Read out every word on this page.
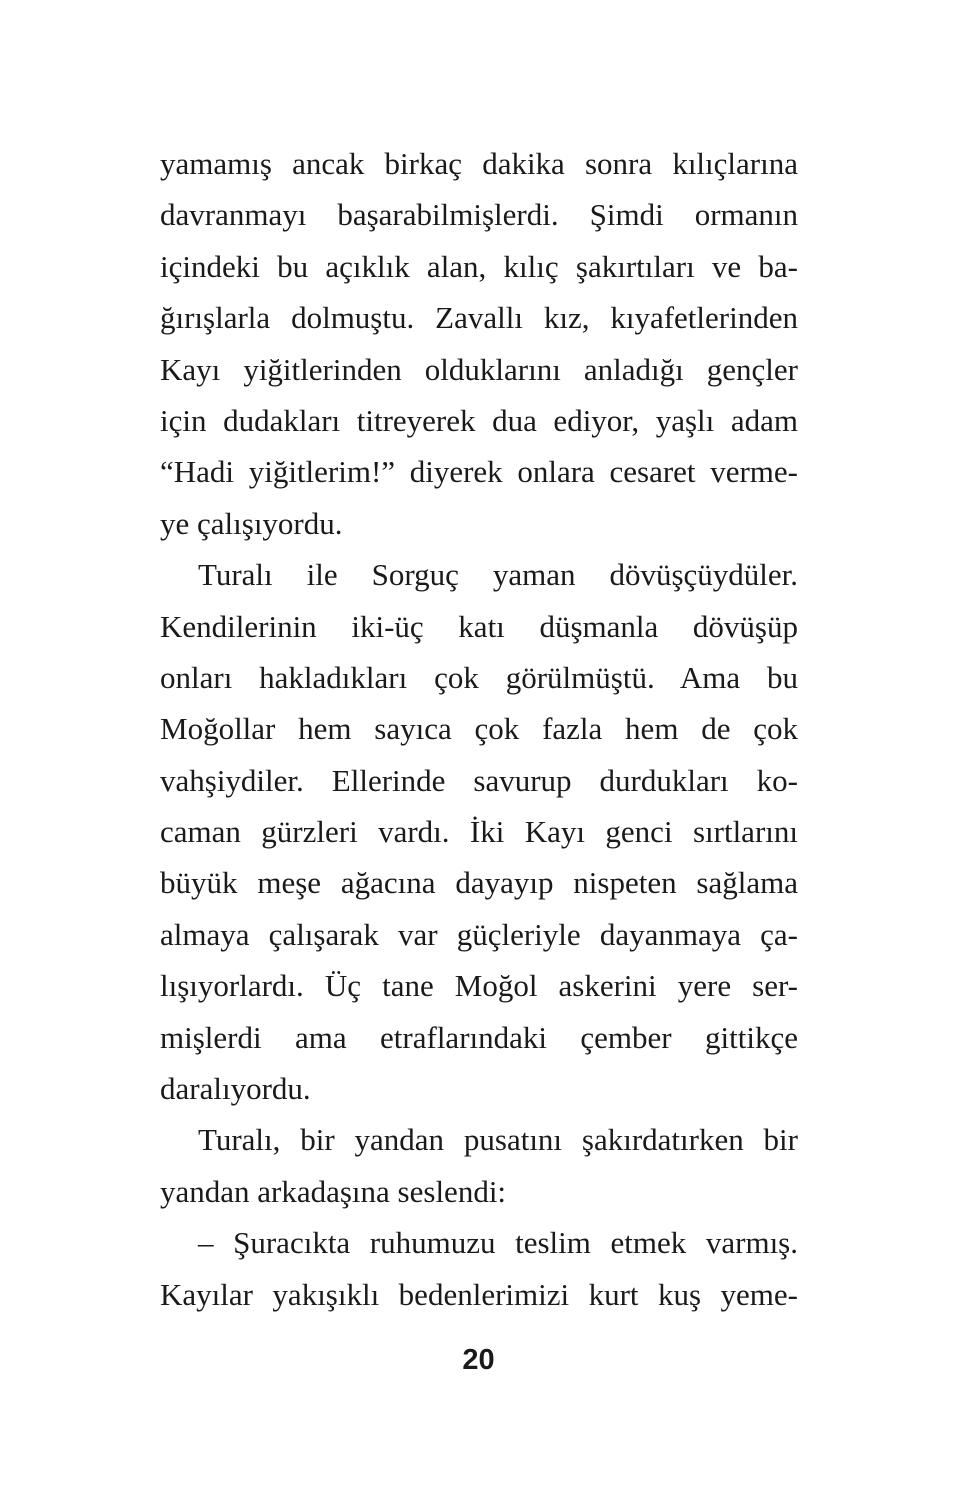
yamamış ancak birkaç dakika sonra kılıçlarına
davranmayı başarabilmişlerdi. Şimdi ormanın
içindeki bu açıklık alan, kılıç şakırtıları ve ba-
ğırışlarla dolmuştu. Zavallı kız, kıyafetlerinden
Kayı yiğitlerinden olduklarını anladığı gençler
için dudakları titreyerek dua ediyor, yaşlı adam
“Hadi yiğitlerim!” diyerek onlara cesaret verme-
ye çalışıyordu.
Turalı ile Sorguç yaman dövüşçüydüler.
Kendilerinin iki-üç katı düşmanla dövüşüp
onları hakladıkları çok görülmüştü. Ama bu
Moğollar hem sayıca çok fazla hem de çok
vahşiydiler. Ellerinde savurup durdukları ko-
caman gürzleri vardı. İki Kayı genci sırtlarını
büyük meşe ağacına dayayıp nispeten sağlama
almaya çalışarak var güçleriyle dayanmaya ça-
lışıyorlardı. Üç tane Moğol askerini yere ser-
mişlerdi ama etraflarındaki çember gittikçe
daralıyordu.
Turalı, bir yandan pusatını şakırdatırken bir
yandan arkadaşına seslendi:
– Şuracıkta ruhumuzu teslim etmek varmış.
Kayılar yakışıklı bedenlerimizi kurt kuş yeme-
20
